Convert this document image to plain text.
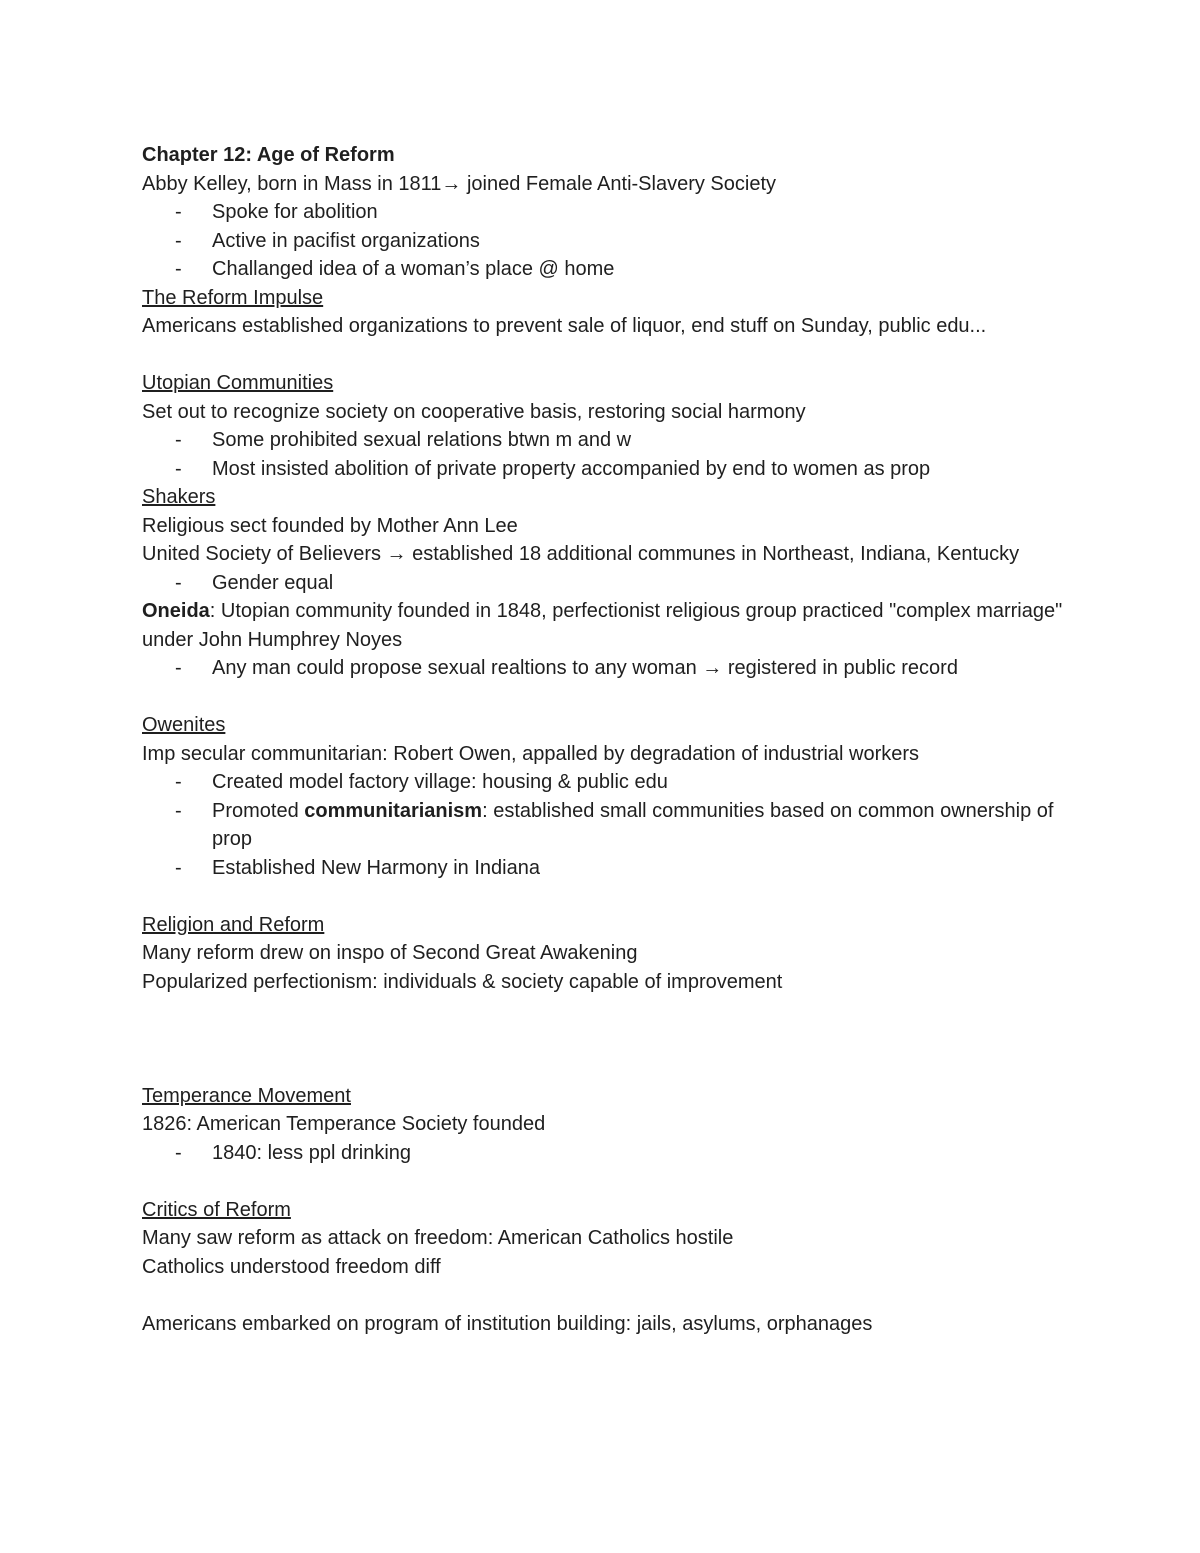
Chapter 12: Age of Reform
Abby Kelley, born in Mass in 1811→ joined Female Anti-Slavery Society
- Spoke for abolition
- Active in pacifist organizations
- Challanged idea of a woman’s place @ home
The Reform Impulse
Americans established organizations to prevent sale of liquor, end stuff on Sunday, public edu...
Utopian Communities
Set out to recognize society on cooperative basis, restoring social harmony
- Some prohibited sexual relations btwn m and w
- Most insisted abolition of private property accompanied by end to women as prop
Shakers
Religious sect founded by Mother Ann Lee
United Society of Believers → established 18 additional communes in Northeast, Indiana, Kentucky
- Gender equal
Oneida: Utopian community founded in 1848, perfectionist religious group practiced "complex marriage" under John Humphrey Noyes
- Any man could propose sexual realtions to any woman → registered in public record
Owenites
Imp secular communitarian: Robert Owen, appalled by degradation of industrial workers
- Created model factory village: housing & public edu
- Promoted communitarianism: established small communities based on common ownership of prop
- Established New Harmony in Indiana
Religion and Reform
Many reform drew on inspo of Second Great Awakening
Popularized perfectionism: individuals & society capable of improvement
Temperance Movement
1826: American Temperance Society founded
- 1840: less ppl drinking
Critics of Reform
Many saw reform as attack on freedom: American Catholics hostile
Catholics understood freedom diff
Americans embarked on program of institution building: jails, asylums, orphanages
